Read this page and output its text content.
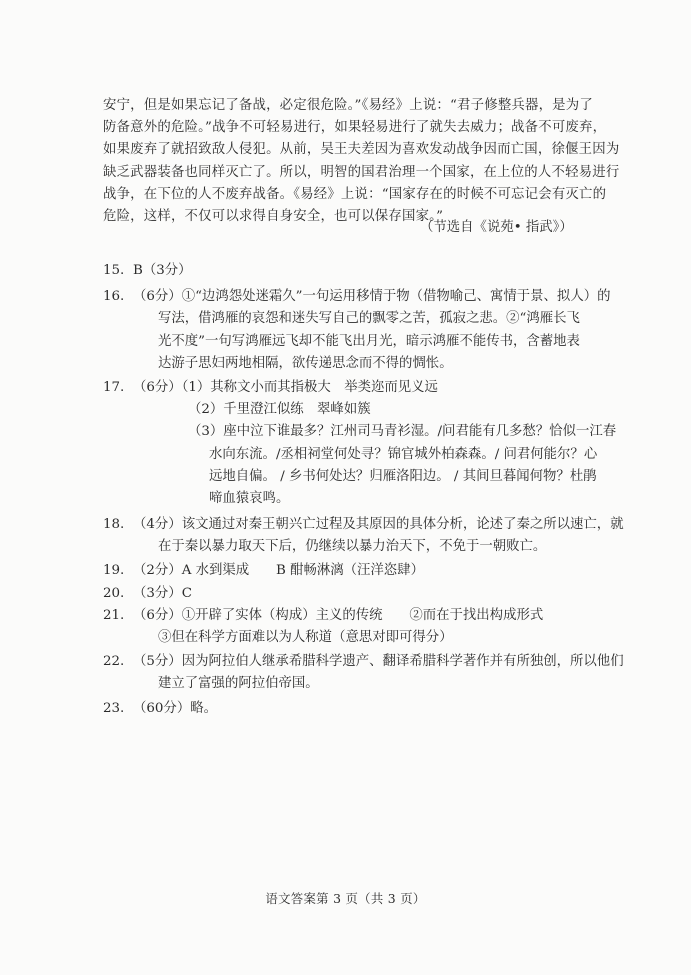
安宁，但是如果忘记了备战，必定很危险。”《易经》上说：“君子修整兵器，是为了

防备意外的危险。”战争不可轻易进行，如果轻易进行了就失去威力；战备不可废弃，

如果废弃了就招致敌人侵犯。从前，吴王夫差因为喜欢发动战争因而亡国，徐偃王因为

缺乏武器装备也同样灭亡了。所以，明智的国君治理一个国家，在上位的人不轻易进行

战争，在下位的人不废弃战备。《易经》上说：“国家存在的时候不可忘记会有灭亡的

危险，这样，不仅可以求得自身安全，也可以保存国家。”

（节选自《说苑• 指武》）
15. B（3分）
16. （6分）①“边鸿怨处迷霜久”一句运用移情于物（借物喻己、寓情于景、拟人）的
写法，借鸿雁的哀怨和迷失写自己的飘零之苦，孤寂之悲。②“鸿雁长飞
光不度”一句写鸿雁远飞却不能飞出月光，暗示鸿雁不能传书，含蓄地表
达游子思妇两地相隔，欲传递思念而不得的惆怅。
17. （6分）（1）其称文小而其指极大　举类迩而见义远
（2）千里澄江似练　翠峰如簇
（3）座中泣下谁最多？江州司马青衫湿。/问君能有几多愁？恰似一江春
水向东流。/丞相祠堂何处寻？锦官城外柏森森。/ 问君何能尔？心
远地自偏。 / 乡书何处达？归雁洛阳边。 / 其间旦暮闻何物？杜鹃
啼血猿哀鸣。
18. （4分）该文通过对秦王朝兴亡过程及其原因的具体分析，论述了秦之所以速亡，就
在于秦以暴力取天下后，仍继续以暴力治天下，不免于一朝败亡。
19. （2分）A 水到渠成　　B 酣畅淋漓（汪洋恣肆）
20. （3分）C
21. （6分）①开辟了实体（构成）主义的传统　　②而在于找出构成形式
③但在科学方面难以为人称道（意思对即可得分）
22. （5分）因为阿拉伯人继承希腊科学遗产、翻译希腊科学著作并有所独创，所以他们
建立了富强的阿拉伯帝国。
23. （60分）略。
语文答案第 3 页（共 3 页）
